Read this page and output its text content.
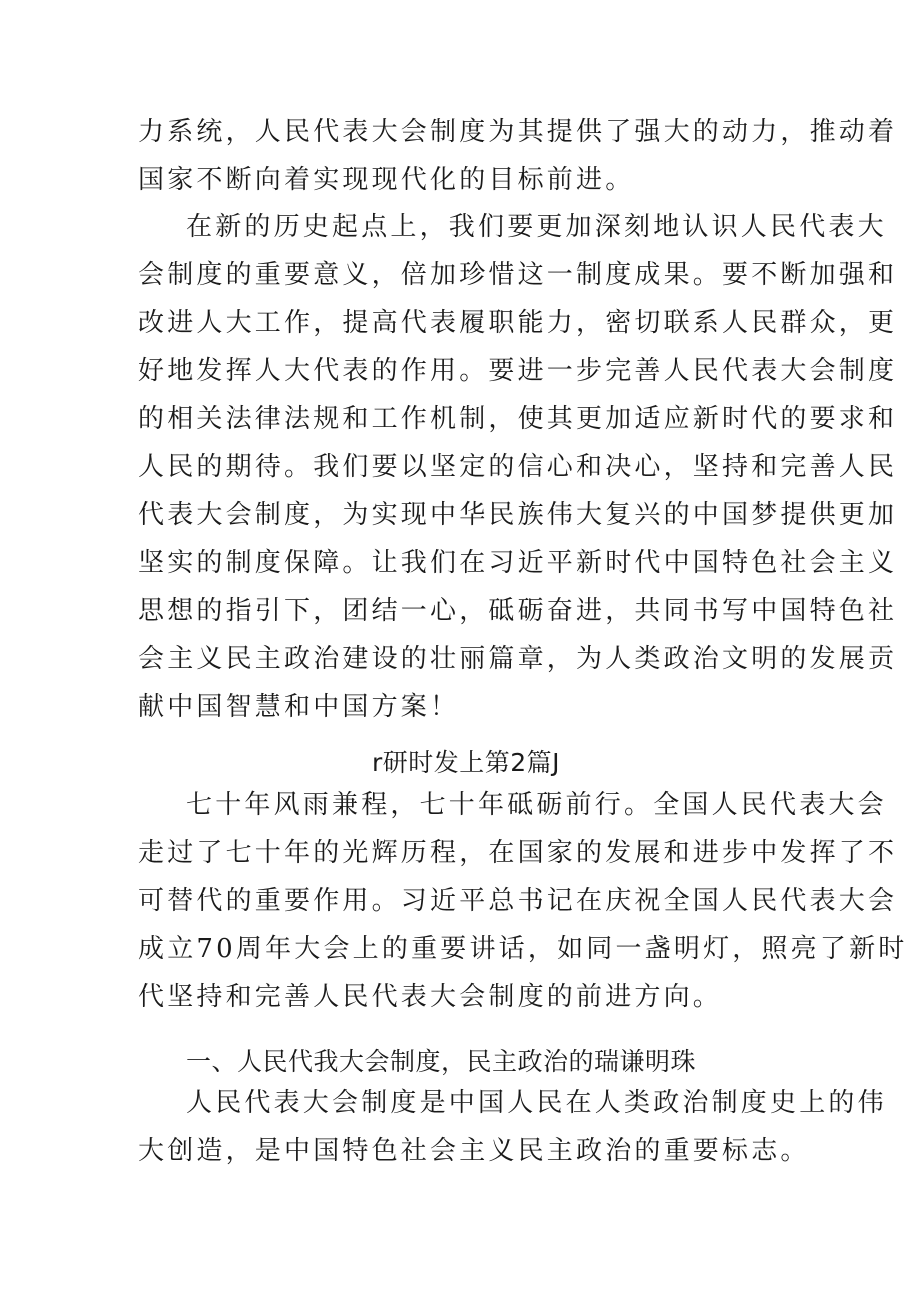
力系统，人民代表大会制度为其提供了强大的动力，推动着
国家不断向着实现现代化的目标前进。
在新的历史起点上，我们要更加深刻地认识人民代表大
会制度的重要意义，倍加珍惜这一制度成果。要不断加强和
改进人大工作，提高代表履职能力，密切联系人民群众，更
好地发挥人大代表的作用。要进一步完善人民代表大会制度
的相关法律法规和工作机制，使其更加适应新时代的要求和
人民的期待。我们要以坚定的信心和决心，坚持和完善人民
代表大会制度，为实现中华民族伟大复兴的中国梦提供更加
坚实的制度保障。让我们在习近平新时代中国特色社会主义
思想的指引下，团结一心，砥砺奋进，共同书写中国特色社
会主义民主政治建设的壮丽篇章，为人类政治文明的发展贡
献中国智慧和中国方案！
r研时发上第2篇J
七十年风雨兼程，七十年砥砺前行。全国人民代表大会
走过了七十年的光辉历程，在国家的发展和进步中发挥了不
可替代的重要作用。习近平总书记在庆祝全国人民代表大会
成立70周年大会上的重要讲话，如同一盏明灯，照亮了新时
代坚持和完善人民代表大会制度的前进方向。
一、人民代我大会制度，民主政治的瑞谦明珠
人民代表大会制度是中国人民在人类政治制度史上的伟
大创造，是中国特色社会主义民主政治的重要标志。
